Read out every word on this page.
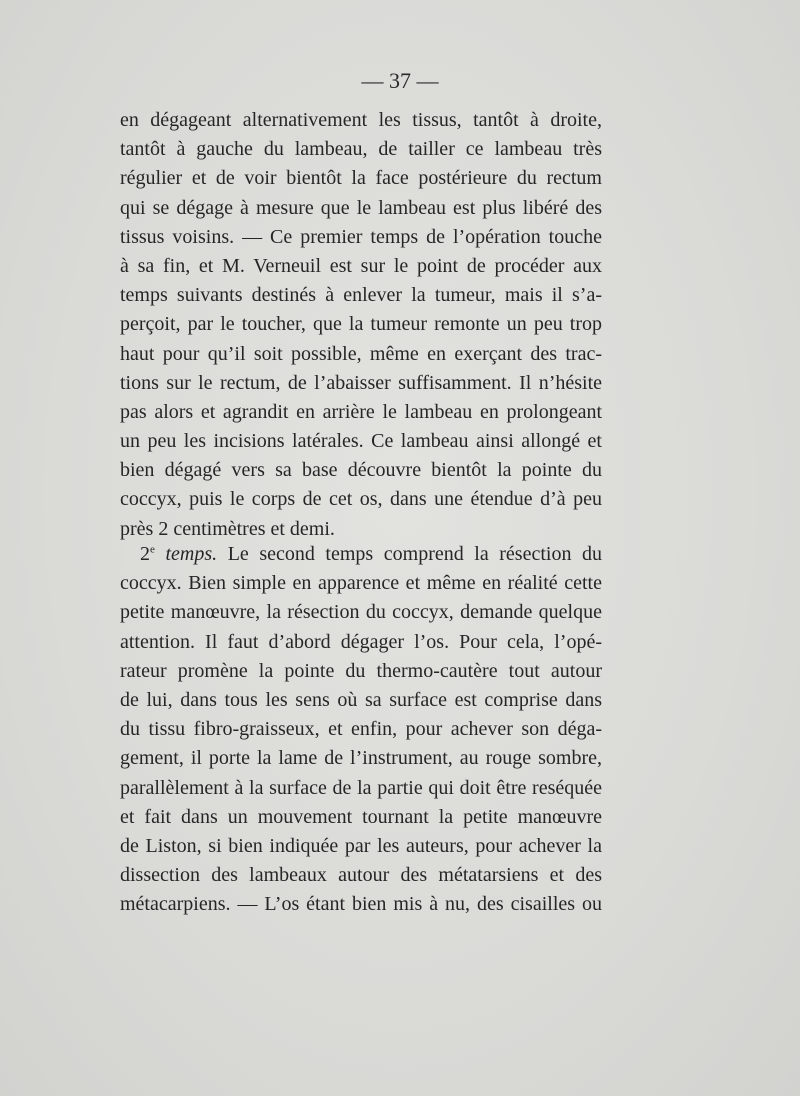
— 37 —
en dégageant alternativement les tissus, tantôt à droite,
tantôt à gauche du lambeau, de tailler ce lambeau très
régulier et de voir bientôt la face postérieure du rectum
qui se dégage à mesure que le lambeau est plus libéré des
tissus voisins. — Ce premier temps de l’opération touche
à sa fin, et M. Verneuil est sur le point de procéder aux
temps suivants destinés à enlever la tumeur, mais il s’a-
perçoit, par le toucher, que la tumeur remonte un peu trop
haut pour qu’il soit possible, même en exerçant des trac-
tions sur le rectum, de l’abaisser suffisamment. Il n’hésite
pas alors et agrandit en arrière le lambeau en prolongeant
un peu les incisions latérales. Ce lambeau ainsi allongé et
bien dégagé vers sa base découvre bientôt la pointe du
coccyx, puis le corps de cet os, dans une étendue d’à peu
près 2 centimètres et demi.
2e temps. Le second temps comprend la résection du
coccyx. Bien simple en apparence et même en réalité cette
petite manœuvre, la résection du coccyx, demande quelque
attention. Il faut d’abord dégager l’os. Pour cela, l’opé-
rateur promène la pointe du thermo-cautère tout autour
de lui, dans tous les sens où sa surface est comprise dans
du tissu fibro-graisseux, et enfin, pour achever son déga-
gement, il porte la lame de l’instrument, au rouge sombre,
parallèlement à la surface de la partie qui doit être reséquée
et fait dans un mouvement tournant la petite manœuvre
de Liston, si bien indiquée par les auteurs, pour achever la
dissection des lambeaux autour des métatarsiens et des
métacarpiens. — L’os étant bien mis à nu, des cisailles ou
